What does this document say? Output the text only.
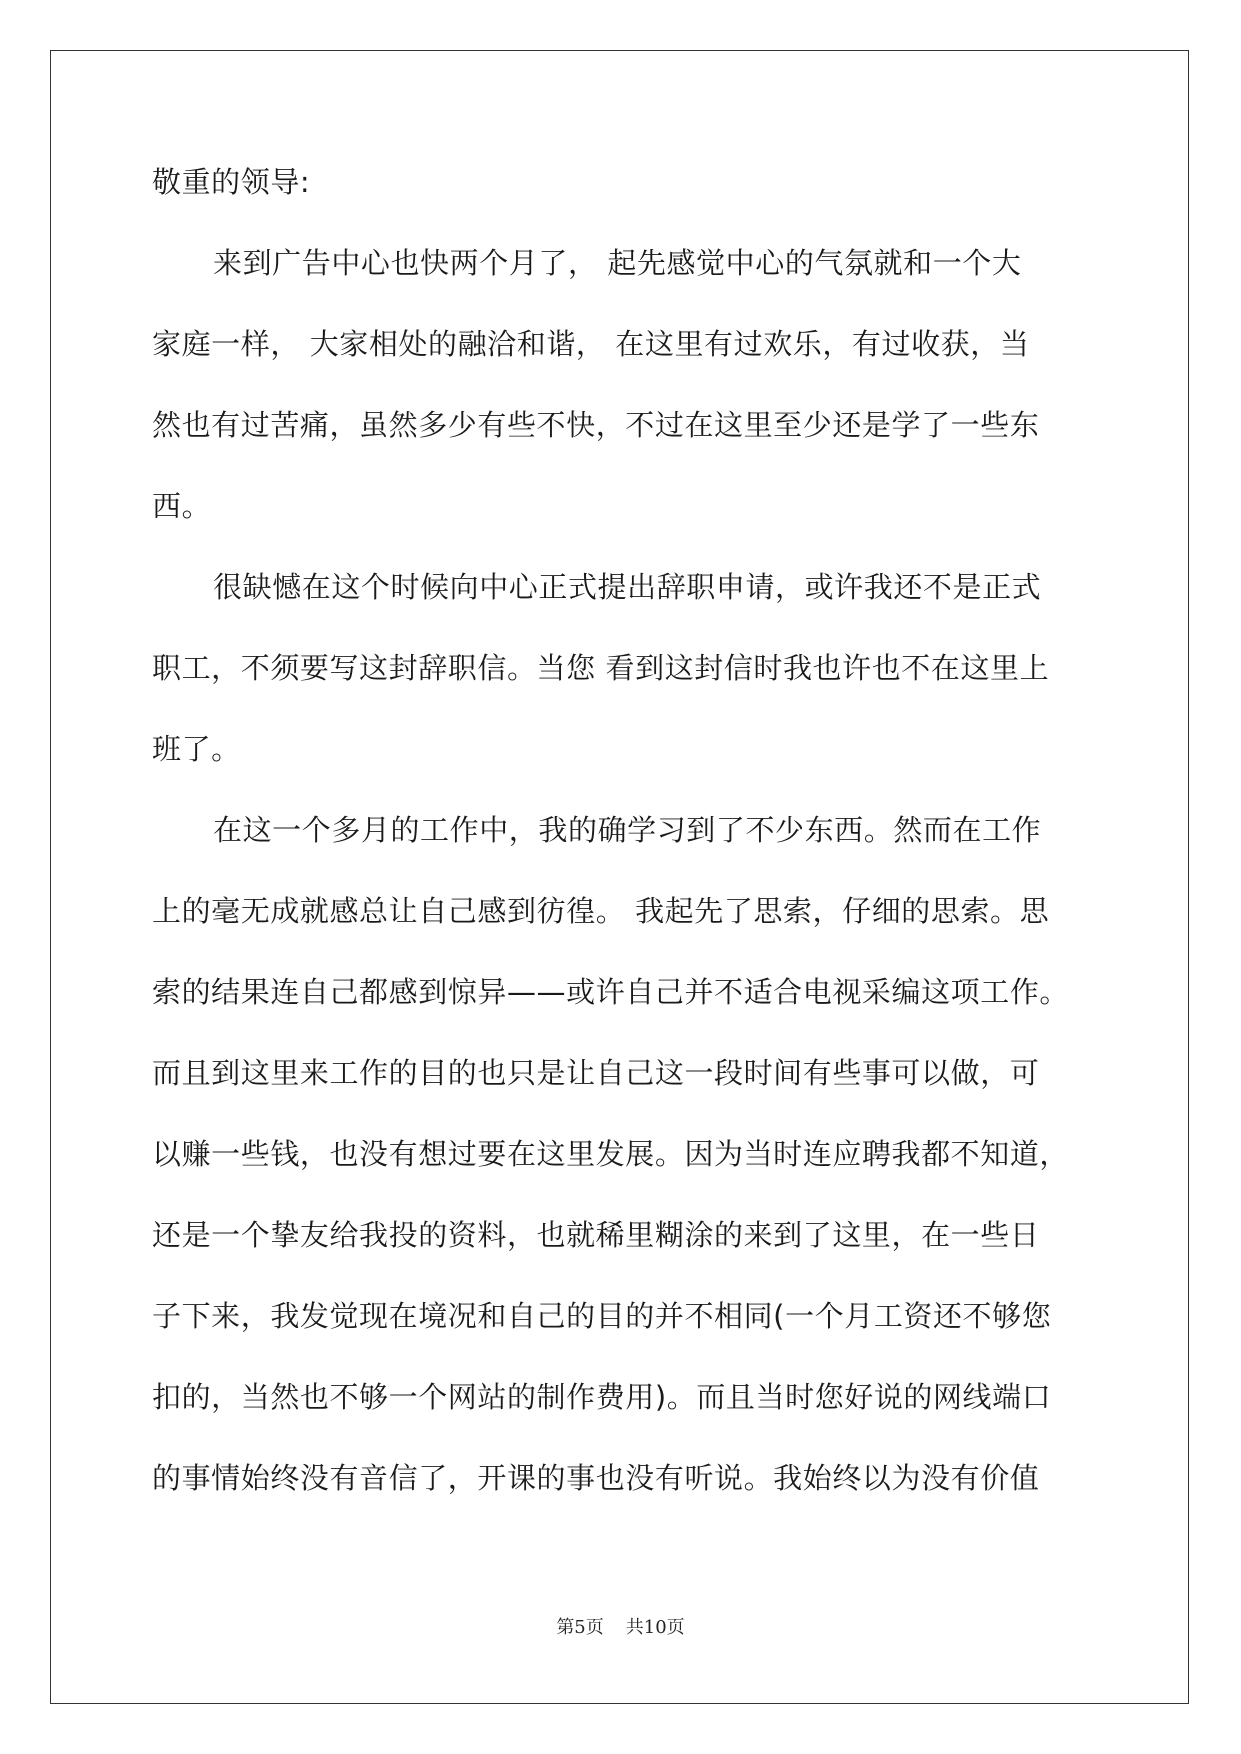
敬重的领导:
来到广告中心也快两个月了， 起先感觉中心的气氛就和一个大
家庭一样， 大家相处的融洽和谐， 在这里有过欢乐，有过收获，当
然也有过苦痛，虽然多少有些不快，不过在这里至少还是学了一些东
西。
很缺憾在这个时候向中心正式提出辞职申请，或许我还不是正式
职工，不须要写这封辞职信。当您 看到这封信时我也许也不在这里上
班了。
在这一个多月的工作中，我的确学习到了不少东西。然而在工作
上的毫无成就感总让自己感到彷徨。 我起先了思索，仔细的思索。思
索的结果连自己都感到惊异——或许自己并不适合电视采编这项工作。
而且到这里来工作的目的也只是让自己这一段时间有些事可以做，可
以赚一些钱，也没有想过要在这里发展。因为当时连应聘我都不知道，
还是一个挚友给我投的资料，也就稀里糊涂的来到了这里，在一些日
子下来，我发觉现在境况和自己的目的并不相同(一个月工资还不够您
扣的，当然也不够一个网站的制作费用)。而且当时您好说的网线端口
的事情始终没有音信了，开课的事也没有听说。我始终以为没有价值
第5页 共10页
